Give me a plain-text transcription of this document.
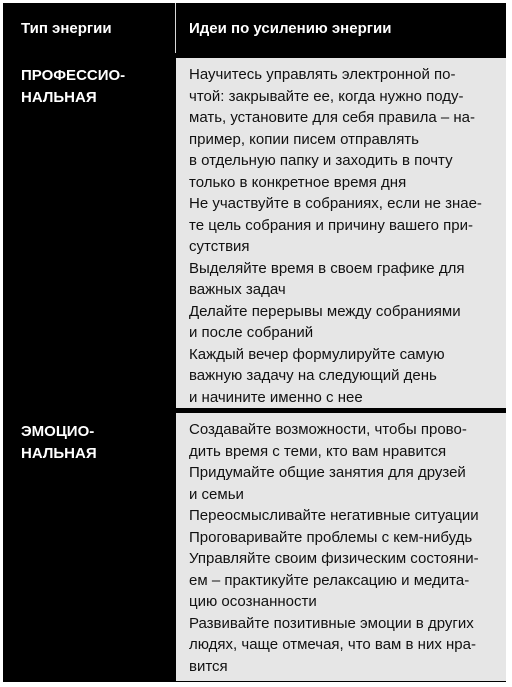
Тип энергии	Идеи по усилению энергии
ПРОФЕССИО-
НАЛЬНАЯ
Научитесь управлять электронной по-
чтой: закрывайте ее, когда нужно поду-
мать, установите для себя правила – на-
пример, копии писем отправлять
в отдельную папку и заходить в почту
только в конкретное время дня
Не участвуйте в собраниях, если не знае-
те цель собрания и причину вашего при-
сутствия
Выделяйте время в своем графике для
важных задач
Делайте перерывы между собраниями
и после собраний
Каждый вечер формулируйте самую
важную задачу на следующий день
и начините именно с нее
ЭМОЦИО-
НАЛЬНАЯ
Создавайте возможности, чтобы прово-
дить время с теми, кто вам нравится
Придумайте общие занятия для друзей
и семьи
Переосмысливайте негативные ситуации
Проговаривайте проблемы с кем-нибудь
Управляйте своим физическим состояни-
ем – практикуйте релаксацию и медита-
цию осознанности
Развивайте позитивные эмоции в других
людях, чаще отмечая, что вам в них нра-
вится
